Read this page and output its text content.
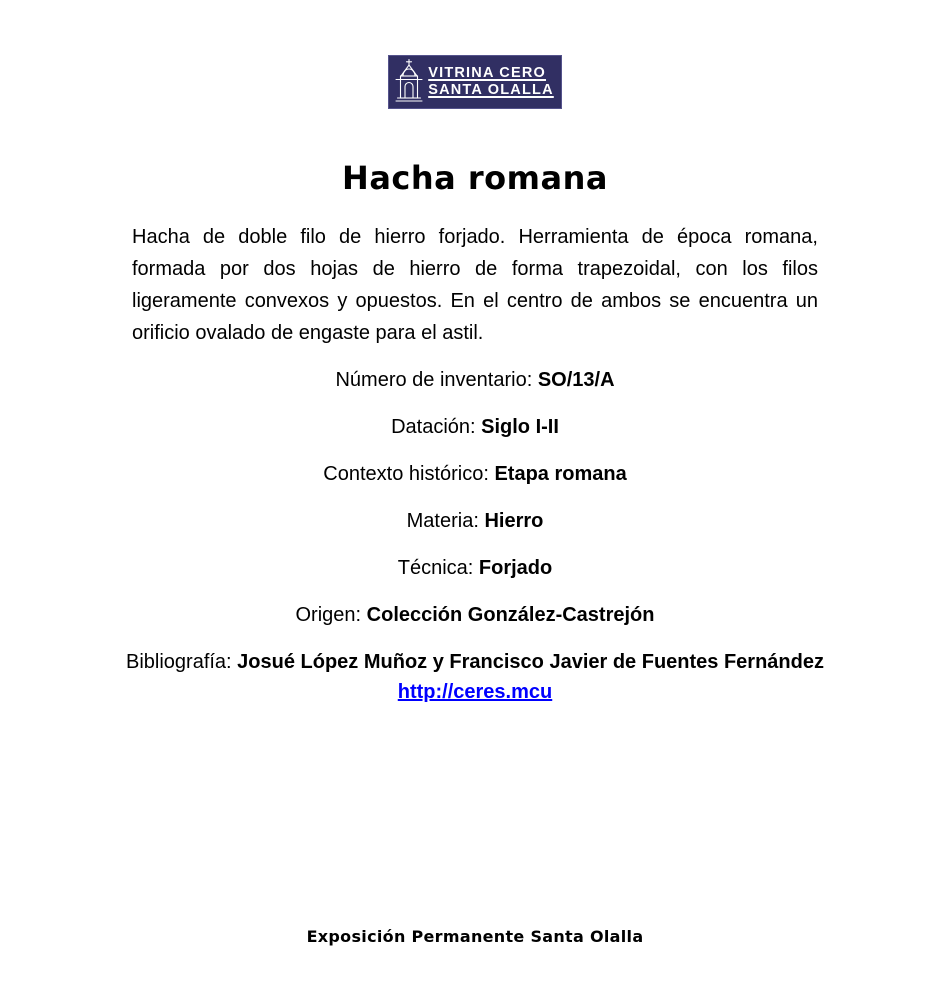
VITRINA CERO
SANTA OLALLA
Hacha romana

Hacha de doble filo de hierro forjado. Herramienta de época romana, formada por dos hojas de hierro de forma trapezoidal, con los filos ligeramente convexos y opuestos. En el centro de ambos se encuentra un orificio ovalado de engaste para el astil.

Número de inventario: SO/13/A

Datación: Siglo I-II

Contexto histórico: Etapa romana

Materia: Hierro

Técnica: Forjado

Origen: Colección González-Castrejón

Bibliografía: Josué López Muñoz y Francisco Javier de Fuentes Fernández

http://ceres.mcu

Exposición Permanente Santa Olalla
